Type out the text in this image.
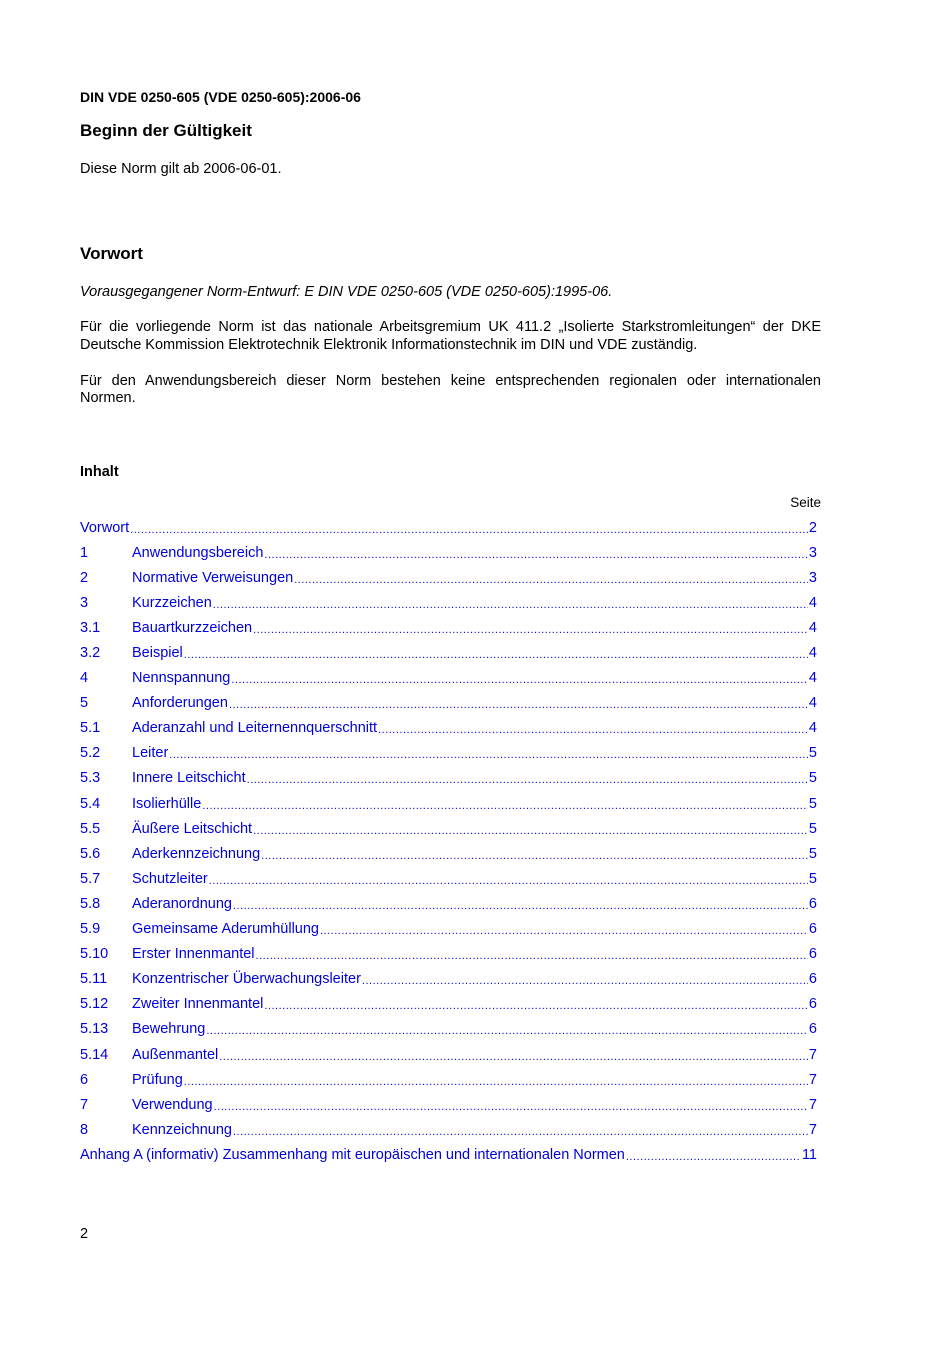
DIN VDE 0250-605 (VDE 0250-605):2006-06
Beginn der Gültigkeit
Diese Norm gilt ab 2006-06-01.
Vorwort
Vorausgegangener Norm-Entwurf: E DIN VDE 0250-605 (VDE 0250-605):1995-06.
Für die vorliegende Norm ist das nationale Arbeitsgremium UK 411.2 „Isolierte Starkstromleitungen“ der DKE
Deutsche Kommission Elektrotechnik Elektronik Informationstechnik im DIN und VDE zuständig.
Für den Anwendungsbereich dieser Norm bestehen keine entsprechenden regionalen oder internationalen
Normen.
Inhalt
Seite
Vorwort .....	2
1	Anwendungsbereich .....	3
2	Normative Verweisungen .....	3
3	Kurzzeichen .....	4
3.1	Bauartkurzzeichen .....	4
3.2	Beispiel .....	4
4	Nennspannung .....	4
5	Anforderungen .....	4
5.1	Aderanzahl und Leiternennquerschnitt .....	4
5.2	Leiter .....	5
5.3	Innere Leitschicht .....	5
5.4	Isolierhülle .....	5
5.5	Äußere Leitschicht .....	5
5.6	Aderkennzeichnung .....	5
5.7	Schutzleiter .....	5
5.8	Aderanordnung .....	6
5.9	Gemeinsame Aderumhüllung .....	6
5.10	Erster Innenmantel .....	6
5.11	Konzentrischer Überwachungsleiter .....	6
5.12	Zweiter Innenmantel .....	6
5.13	Bewehrung .....	6
5.14	Außenmantel .....	7
6	Prüfung .....	7
7	Verwendung .....	7
8	Kennzeichnung .....	7
Anhang A (informativ) Zusammenhang mit europäischen und internationalen Normen .....	11
2
